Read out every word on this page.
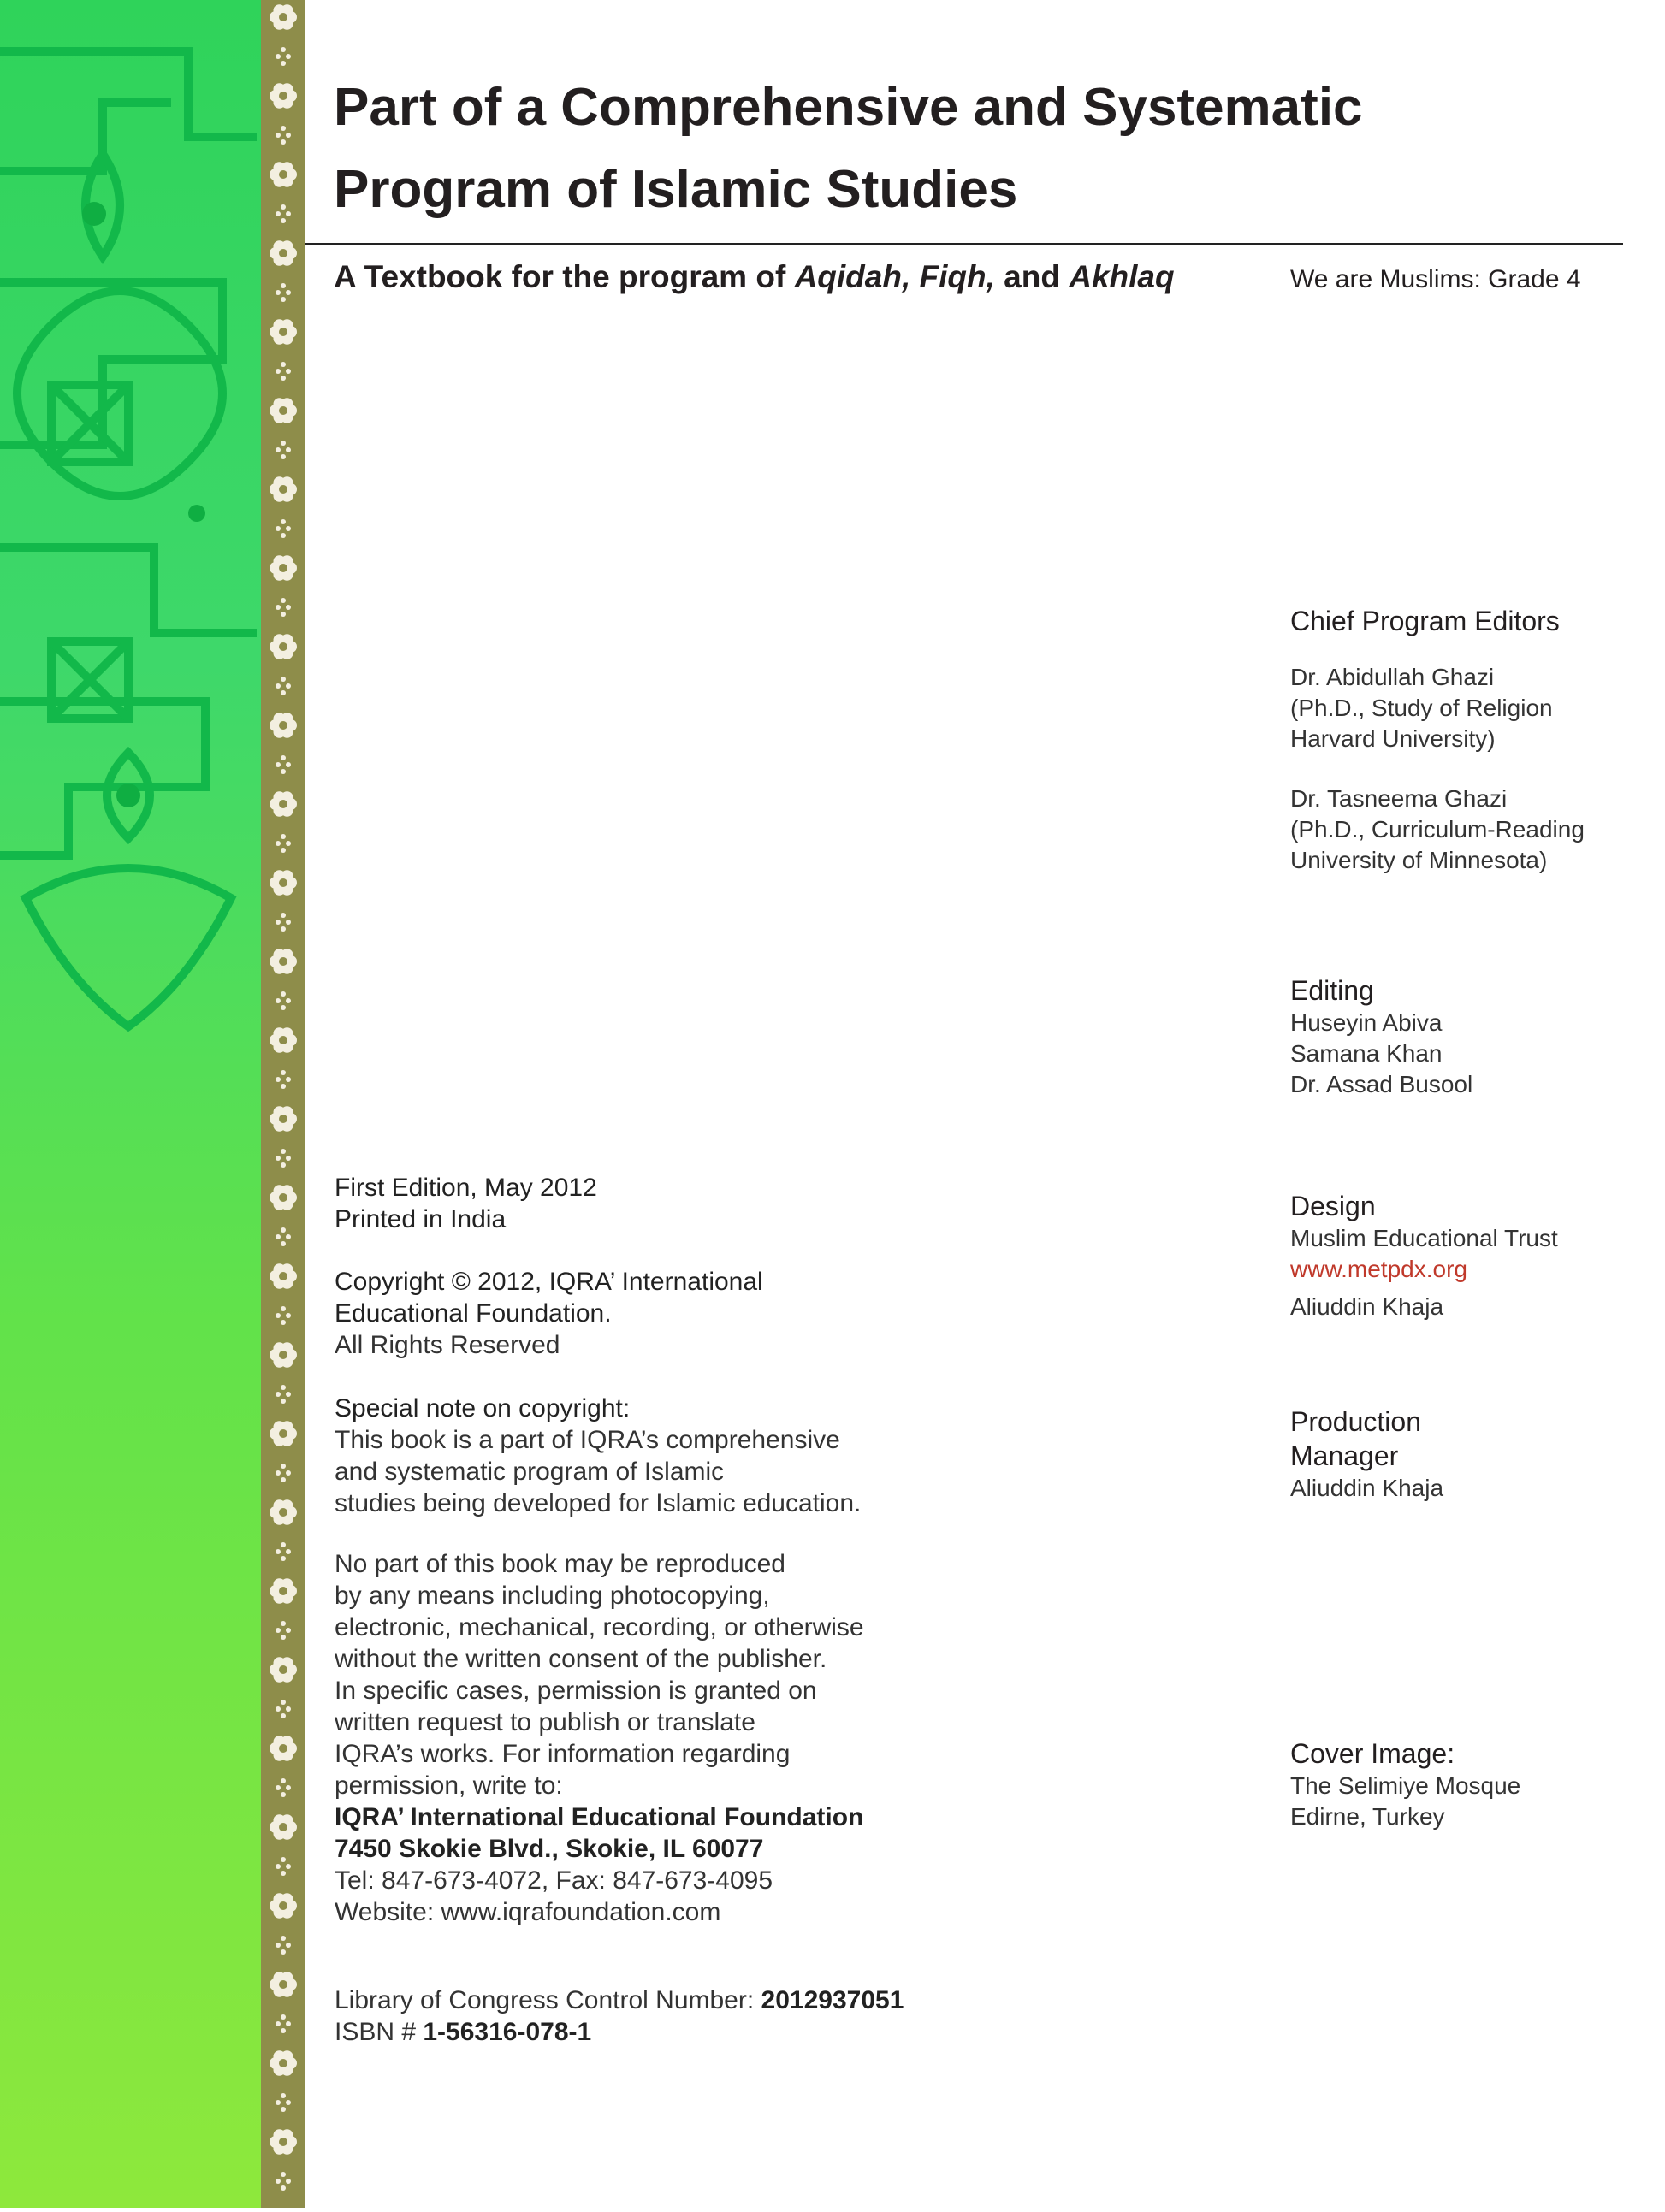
Part of a Comprehensive and Systematic
Program of Islamic Studies
A Textbook for the program of Aqidah, Fiqh, and Akhlaq	We are Muslims: Grade 4
First Edition, May 2012
Printed in India
Copyright © 2012, IQRA’ International
Educational Foundation.
All Rights Reserved
Special note on copyright:
This book is a part of IQRA’s comprehensive
and systematic program of Islamic
studies being developed for Islamic education.
No part of this book may be reproduced
by any means including photocopying,
electronic, mechanical, recording, or otherwise
without the written consent of the publisher.
In specific cases, permission is granted on
written request to publish or translate
IQRA’s works. For information regarding
permission, write to:
IQRA’ International Educational Foundation
7450 Skokie Blvd., Skokie, IL 60077
Tel: 847-673-4072, Fax: 847-673-4095
Website: www.iqrafoundation.com
Library of Congress Control Number: 2012937051
ISBN # 1-56316-078-1
Chief Program Editors
Dr. Abidullah Ghazi
(Ph.D., Study of Religion
Harvard University)
Dr. Tasneema Ghazi
(Ph.D., Curriculum-Reading
University of Minnesota)
Editing
Huseyin Abiva
Samana Khan
Dr. Assad Busool
Design
Muslim Educational Trust
www.metpdx.org
Aliuddin Khaja
Production
Manager
Aliuddin Khaja
Cover Image:
The Selimiye Mosque
Edirne, Turkey
